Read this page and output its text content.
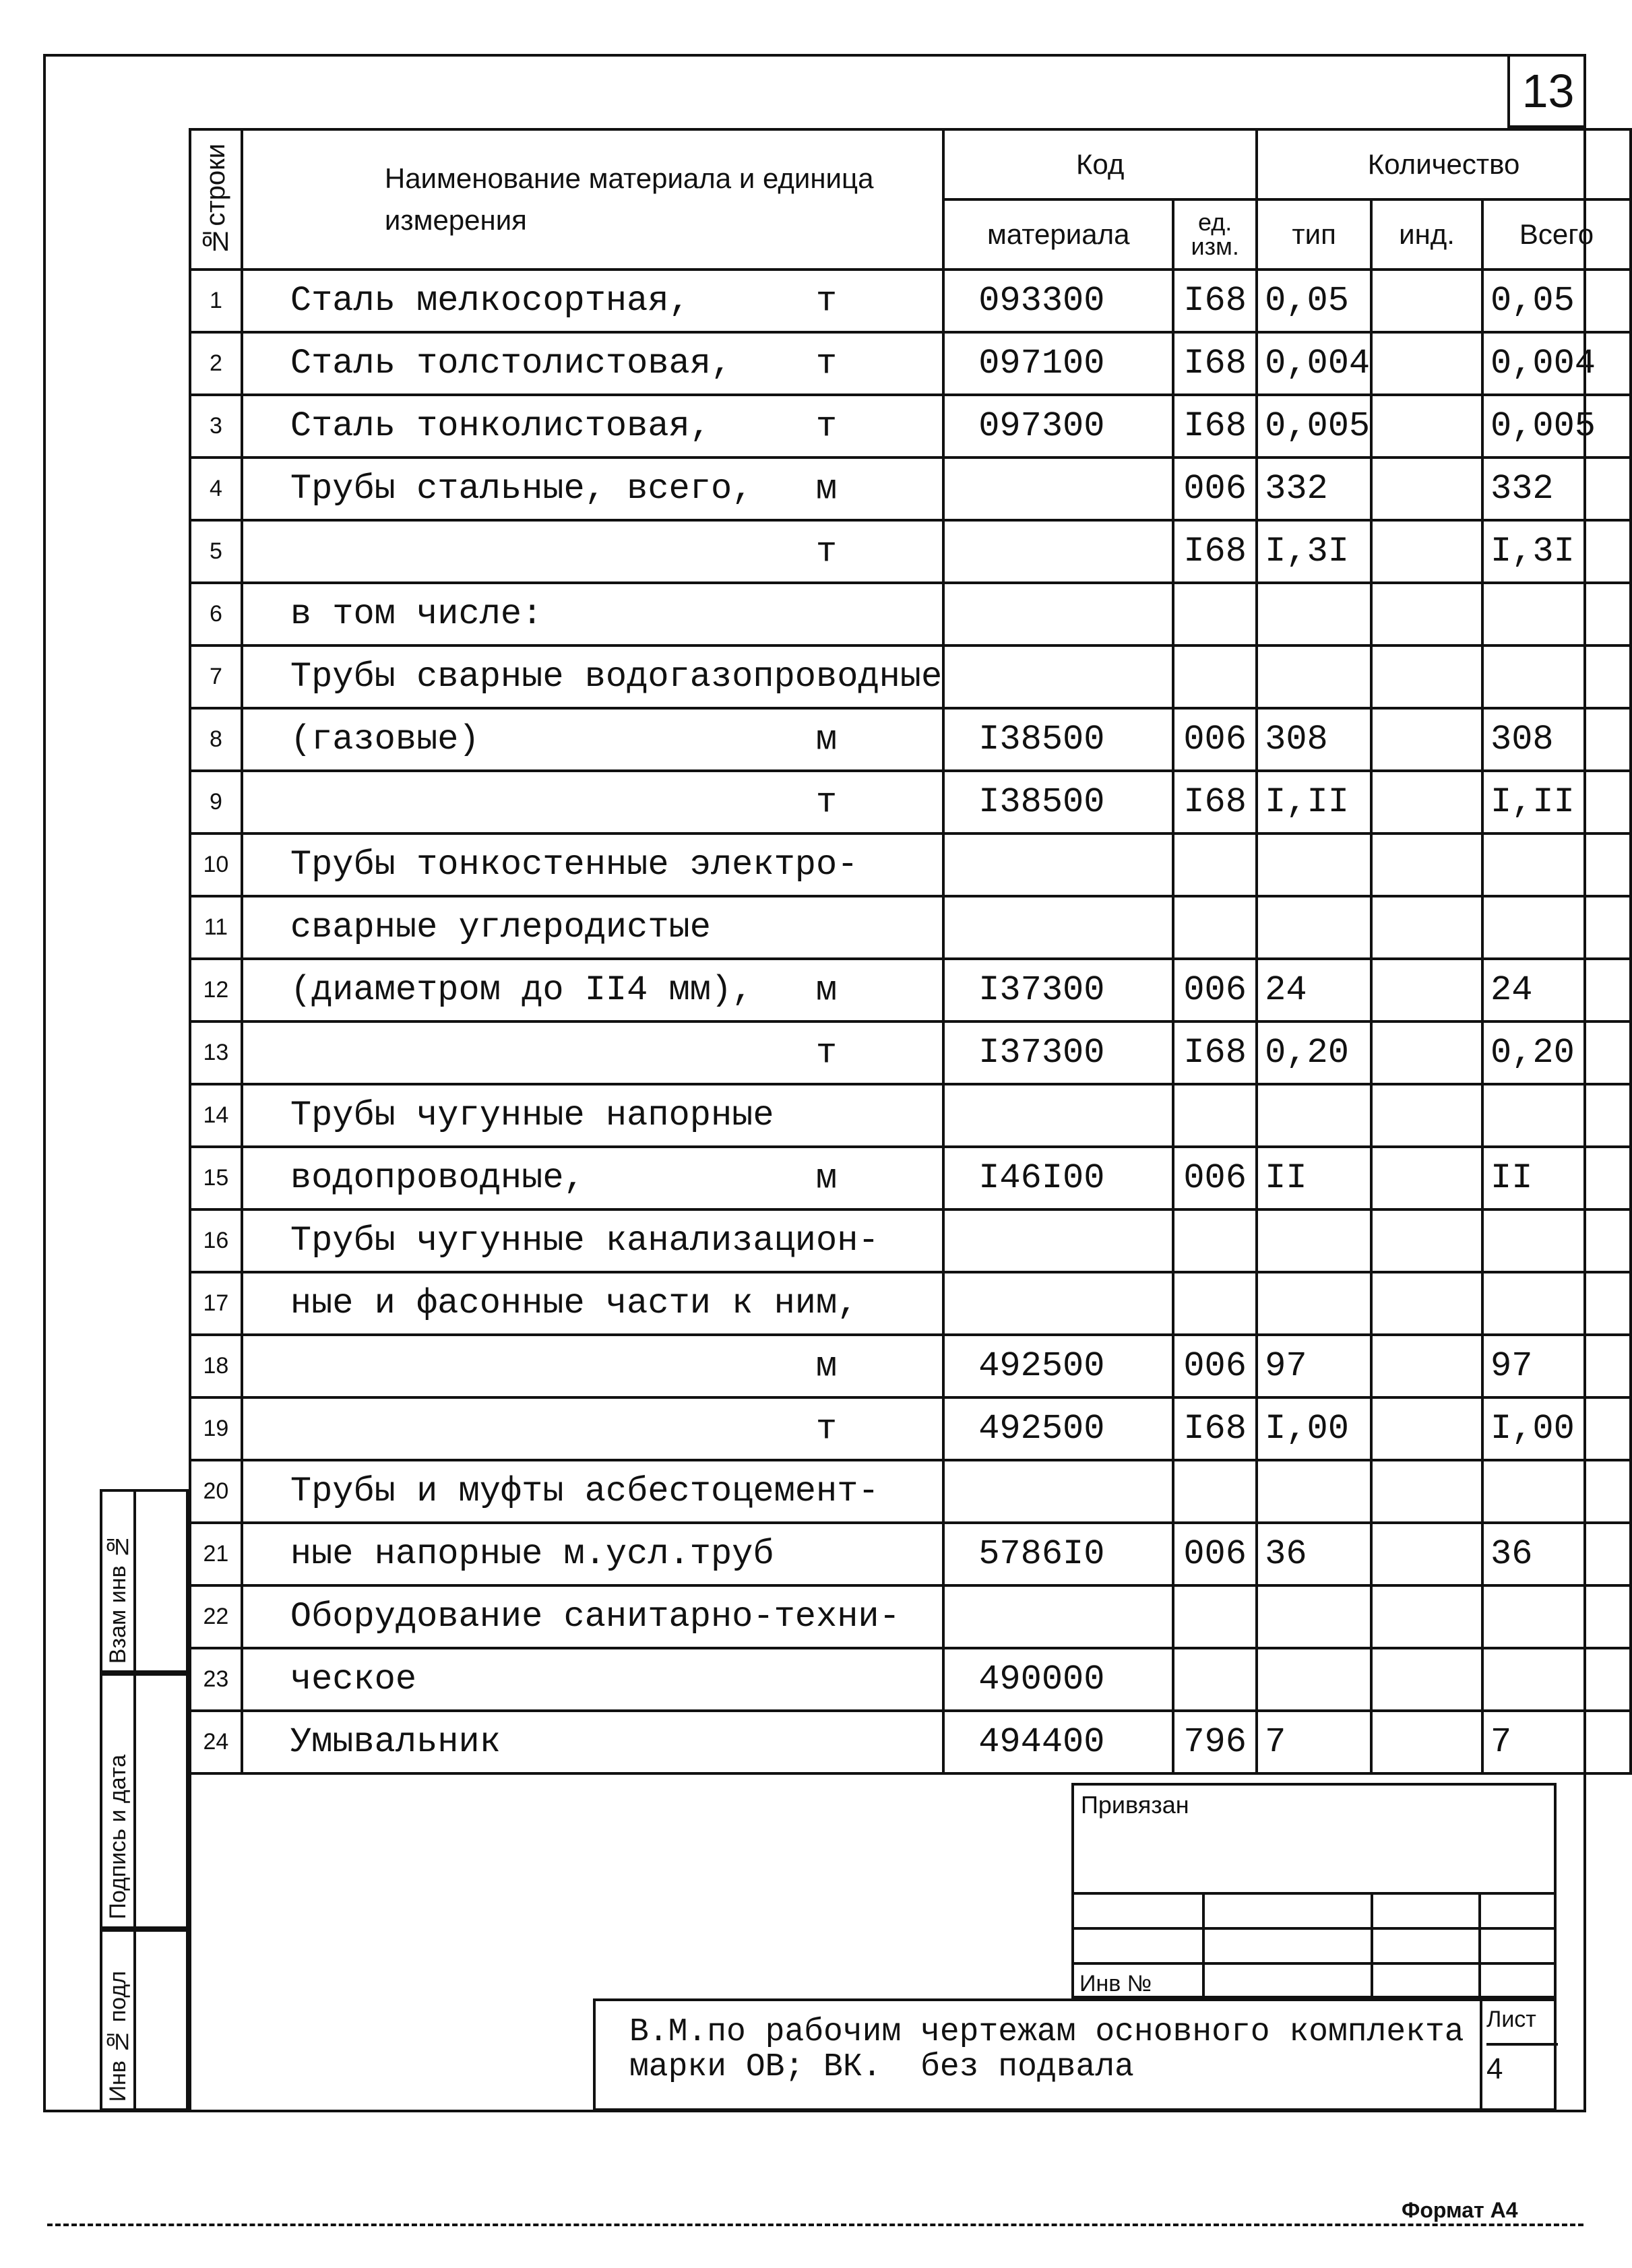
13
№строки	Наименование материала и единица измерения	Код		Количество		
		материала	ед. изм.	тип	инд.	Всего
1	Сталь мелкосортная, т	093300	I68	0,05		0,05
2	Сталь толстолистовая, т	097100	I68	0,004		0,004
3	Сталь тонколистовая, т	097300	I68	0,005		0,005
4	Трубы стальные, всего, м		006	332		332
5	т		I68	I,3I		I,3I
6	в том числе:

7	Трубы сварные водогазопроводные

8	(газовые) м	I38500	006	308		308
9	т	I38500	I68	I,II		I,II
10	Трубы тонкостенные электро-

11	сварные углеродистые

12	(диаметром до II4 мм), м	I37300	006	24		24
13	т	I37300	I68	0,20		0,20
14	Трубы чугунные напорные

15	водопроводные, м	I46I00	006	II		II
16	Трубы чугунные канализацион-

17	ные и фасонные части к ним,

18	м	492500	006	97		97
19	т	492500	I68	I,00		I,00
20	Трубы и муфты асбестоцемент-

21	ные напорные м.усл.труб	5786I0	006	36		36
22	Оборудование санитарно-техни-

23	ческое	490000				
24	Умывальник	494400	796	7		7
Взам инв №
Подпись и дата
Инв № подл
Привязан
Инв №
В.М.по рабочим чертежам основного комплекта
марки ОВ; ВК.  без подвала
Лист
4
Формат А4
